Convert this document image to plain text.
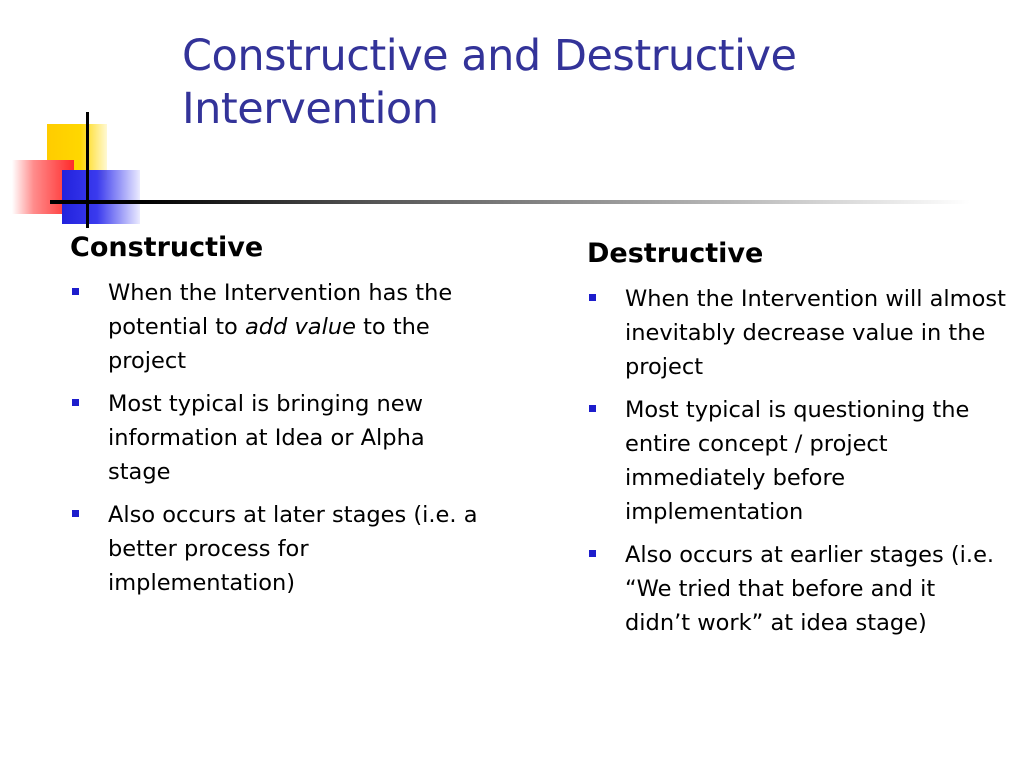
Constructive and Destructive Intervention
Constructive
When the Intervention has the potential to add value to the project
Most typical is bringing new information at Idea or Alpha stage
Also occurs at later stages (i.e. a better process for implementation)
Destructive
When the Intervention will almost inevitably decrease value in the project
Most typical is questioning the entire concept / project immediately before implementation
Also occurs at earlier stages (i.e. “We tried that before and it didn’t work” at idea stage)
